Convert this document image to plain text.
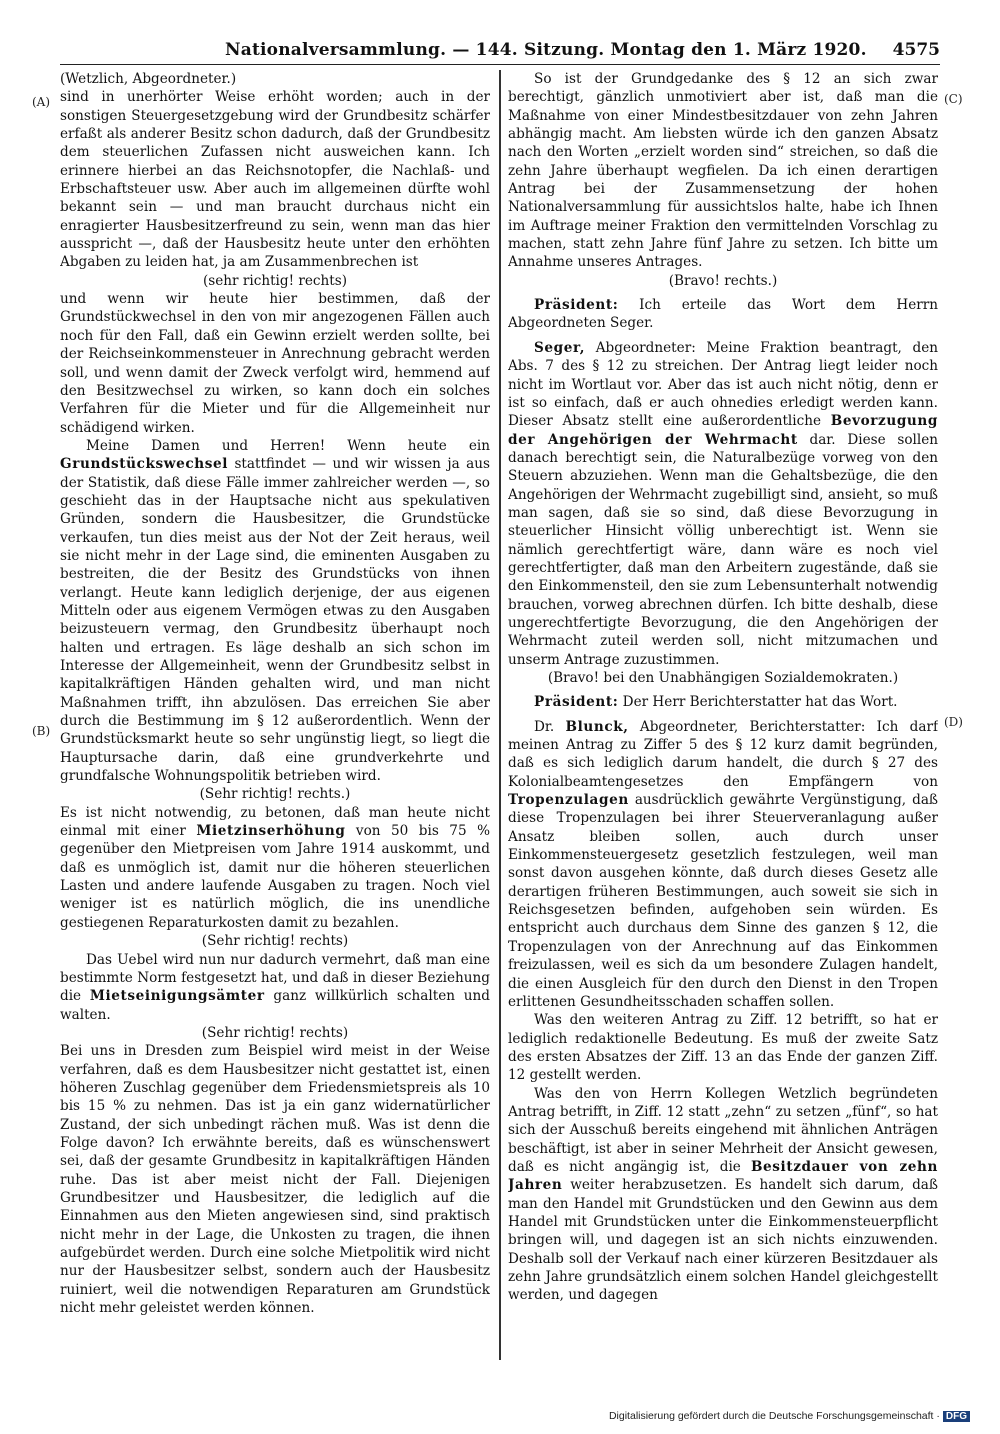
Nationalversammlung. — 144. Sitzung. Montag den 1. März 1920. 4575
(A)
(B)
(C)
(D)

(Wetzlich, Abgeordneter.)

sind in unerhörter Weise erhöht worden; auch in der sonstigen Steuergesetzgebung wird der Grundbesitz schärfer erfaßt als anderer Besitz schon dadurch, daß der Grundbesitz dem steuerlichen Zufassen nicht ausweichen kann. Ich erinnere hierbei an das Reichsnotopfer, die Nachlaß- und Erbschaftsteuer usw. Aber auch im allgemeinen dürfte wohl bekannt sein — und man braucht durchaus nicht ein enragierter Hausbesitzerfreund zu sein, wenn man das hier ausspricht —, daß der Hausbesitz heute unter den erhöhten Abgaben zu leiden hat, ja am Zusammenbrechen ist

(sehr richtig! rechts)

und wenn wir heute hier bestimmen, daß der Grundstückwechsel in den von mir angezogenen Fällen auch noch für den Fall, daß ein Gewinn erzielt werden sollte, bei der Reichseinkommensteuer in Anrechnung gebracht werden soll, und wenn damit der Zweck verfolgt wird, hemmend auf den Besitzwechsel zu wirken, so kann doch ein solches Verfahren für die Mieter und für die Allgemeinheit nur schädigend wirken.

Meine Damen und Herren! Wenn heute ein Grundstückswechsel stattfindet — und wir wissen ja aus der Statistik, daß diese Fälle immer zahlreicher werden —, so geschieht das in der Hauptsache nicht aus spekulativen Gründen, sondern die Hausbesitzer, die Grundstücke verkaufen, tun dies meist aus der Not der Zeit heraus, weil sie nicht mehr in der Lage sind, die eminenten Ausgaben zu bestreiten, die der Besitz des Grundstücks von ihnen verlangt. Heute kann lediglich derjenige, der aus eigenen Mitteln oder aus eigenem Vermögen etwas zu den Ausgaben beizusteuern vermag, den Grundbesitz überhaupt noch halten und ertragen. Es läge deshalb an sich schon im Interesse der Allgemeinheit, wenn der Grundbesitz selbst in kapitalkräftigen Händen gehalten wird, und man nicht Maßnahmen trifft, ihn abzulösen. Das erreichen Sie aber durch die Bestimmung im § 12 außerordentlich. Wenn der Grundstücksmarkt heute so sehr ungünstig liegt, so liegt die Hauptursache darin, daß eine grundverkehrte und grundfalsche Wohnungspolitik betrieben wird.

(Sehr richtig! rechts.)

Es ist nicht notwendig, zu betonen, daß man heute nicht einmal mit einer Mietzinserhöhung von 50 bis 75 % gegenüber den Mietpreisen vom Jahre 1914 auskommt, und daß es unmöglich ist, damit nur die höheren steuerlichen Lasten und andere laufende Ausgaben zu tragen. Noch viel weniger ist es natürlich möglich, die ins unendliche gestiegenen Reparaturkosten damit zu bezahlen.

(Sehr richtig! rechts)

Das Uebel wird nun nur dadurch vermehrt, daß man eine bestimmte Norm festgesetzt hat, und daß in dieser Beziehung die Mietseinigungsämter ganz willkürlich schalten und walten.

(Sehr richtig! rechts)

Bei uns in Dresden zum Beispiel wird meist in der Weise verfahren, daß es dem Hausbesitzer nicht gestattet ist, einen höheren Zuschlag gegenüber dem Friedensmietspreis als 10 bis 15 % zu nehmen. Das ist ja ein ganz widernatürlicher Zustand, der sich unbedingt rächen muß. Was ist denn die Folge davon? Ich erwähnte bereits, daß es wünschenswert sei, daß der gesamte Grundbesitz in kapitalkräftigen Händen ruhe. Das ist aber meist nicht der Fall. Diejenigen Grundbesitzer und Hausbesitzer, die lediglich auf die Einnahmen aus den Mieten angewiesen sind, sind praktisch nicht mehr in der Lage, die Unkosten zu tragen, die ihnen aufgebürdet werden. Durch eine solche Mietpolitik wird nicht nur der Hausbesitzer selbst, sondern auch der Hausbesitz ruiniert, weil die notwendigen Reparaturen am Grundstück nicht mehr geleistet werden können.

So ist der Grundgedanke des § 12 an sich zwar berechtigt, gänzlich unmotiviert aber ist, daß man die Maßnahme von einer Mindestbesitzdauer von zehn Jahren abhängig macht. Am liebsten würde ich den ganzen Absatz nach den Worten „erzielt worden sind“ streichen, so daß die zehn Jahre überhaupt wegfielen. Da ich einen derartigen Antrag bei der Zusammensetzung der hohen Nationalversammlung für aussichtslos halte, habe ich Ihnen im Auftrage meiner Fraktion den vermittelnden Vorschlag zu machen, statt zehn Jahre fünf Jahre zu setzen. Ich bitte um Annahme unseres Antrages.

(Bravo! rechts.)

Präsident: Ich erteile das Wort dem Herrn Abgeordneten Seger.

Seger, Abgeordneter: Meine Fraktion beantragt, den Abs. 7 des § 12 zu streichen. Der Antrag liegt leider noch nicht im Wortlaut vor. Aber das ist auch nicht nötig, denn er ist so einfach, daß er auch ohnedies erledigt werden kann. Dieser Absatz stellt eine außerordentliche Bevorzugung der Angehörigen der Wehrmacht dar. Diese sollen danach berechtigt sein, die Naturalbezüge vorweg von den Steuern abzuziehen. Wenn man die Gehaltsbezüge, die den Angehörigen der Wehrmacht zugebilligt sind, ansieht, so muß man sagen, daß sie so sind, daß diese Bevorzugung in steuerlicher Hinsicht völlig unberechtigt ist. Wenn sie nämlich gerechtfertigt wäre, dann wäre es noch viel gerechtfertigter, daß man den Arbeitern zugestände, daß sie den Einkommensteil, den sie zum Lebensunterhalt notwendig brauchen, vorweg abrechnen dürfen. Ich bitte deshalb, diese ungerechtfertigte Bevorzugung, die den Angehörigen der Wehrmacht zuteil werden soll, nicht mitzumachen und unserm Antrage zuzustimmen.

(Bravo! bei den Unabhängigen Sozialdemokraten.)

Präsident: Der Herr Berichterstatter hat das Wort.

Dr. Blunck, Abgeordneter, Berichterstatter: Ich darf meinen Antrag zu Ziffer 5 des § 12 kurz damit begründen, daß es sich lediglich darum handelt, die durch § 27 des Kolonialbeamtengesetzes den Empfängern von Tropenzulagen ausdrücklich gewährte Vergünstigung, daß diese Tropenzulagen bei ihrer Steuerveranlagung außer Ansatz bleiben sollen, auch durch unser Einkommensteuergesetz gesetzlich festzulegen, weil man sonst davon ausgehen könnte, daß durch dieses Gesetz alle derartigen früheren Bestimmungen, auch soweit sie sich in Reichsgesetzen befinden, aufgehoben sein würden. Es entspricht auch durchaus dem Sinne des ganzen § 12, die Tropenzulagen von der Anrechnung auf das Einkommen freizulassen, weil es sich da um besondere Zulagen handelt, die einen Ausgleich für den durch den Dienst in den Tropen erlittenen Gesundheitsschaden schaffen sollen.

Was den weiteren Antrag zu Ziff. 12 betrifft, so hat er lediglich redaktionelle Bedeutung. Es muß der zweite Satz des ersten Absatzes der Ziff. 13 an das Ende der ganzen Ziff. 12 gestellt werden.

Was den von Herrn Kollegen Wetzlich begründeten Antrag betrifft, in Ziff. 12 statt „zehn“ zu setzen „fünf“, so hat sich der Ausschuß bereits eingehend mit ähnlichen Anträgen beschäftigt, ist aber in seiner Mehrheit der Ansicht gewesen, daß es nicht angängig ist, die Besitzdauer von zehn Jahren weiter herabzusetzen. Es handelt sich darum, daß man den Handel mit Grundstücken und den Gewinn aus dem Handel mit Grundstücken unter die Einkommensteuerpflicht bringen will, und dagegen ist an sich nichts einzuwenden. Deshalb soll der Verkauf nach einer kürzeren Besitzdauer als zehn Jahre grundsätzlich einem solchen Handel gleichgestellt werden, und dagegen

Digitalisierung gefördert durch die Deutsche Forschungsgemeinschaft · DFG
